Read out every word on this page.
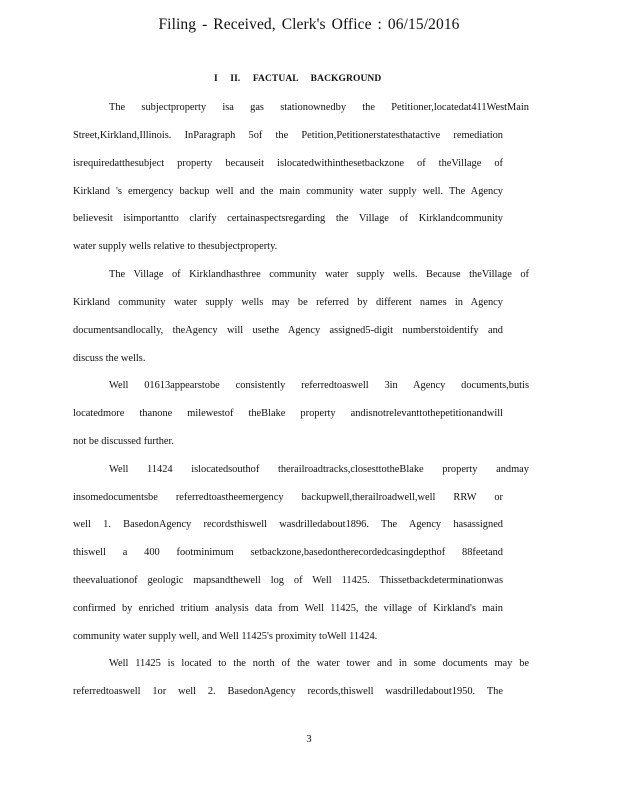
Filing - Received, Clerk's Office : 06/15/2016
I II. FACTUAL BACKGROUND
The subjectproperty isa gas stationownedby the Petitioner,locatedat411WestMain
Street,Kirkland,Illinois. InParagraph 5of the Petition,Petitionerstatesthatactive remediation
isrequiredatthesubject property becauseit islocatedwithinthesetbackzone of theVillage of
Kirkland 's emergency backup well and the main community water supply well. The Agency
believesit isimportantto clarify certainaspectsregarding the Village of Kirklandcommunity
water supply wells relative to thesubjectproperty.
The Village of Kirklandhasthree community water supply wells. Because theVillage of
Kirkland community water supply wells may be referred by different names in Agency
documentsandlocally, theAgency will usethe Agency assigned5-digit numberstoidentify and
discuss the wells.
Well 01613appearstobe consistently referredtoaswell 3in Agency documents,butis
locatedmore thanone milewestof theBlake property andisnotrelevanttothepetitionandwill
not be discussed further.
Well 11424 islocatedsouthof therailroadtracks,closesttotheBlake property andmay
insomedocumentsbe referredtoastheemergency backupwell,therailroadwell,well RRW or
well 1. BasedonAgency recordsthiswell wasdrilledabout1896. The Agency hasassigned
thiswell a 400 footminimum setbackzone,basedontherecordedcasingdepthof 88feetand
theevaluationof geologic mapsandthewell log of Well 11425. Thissetbackdeterminationwas
confirmed by enriched tritium analysis data from Well 11425, the village of Kirkland's main
community water supply well, and Well 11425's proximity toWell 11424.
Well 11425 is located to the north of the water tower and in some documents may be
referredtoaswell 1or well 2. BasedonAgency records,thiswell wasdrilledabout1950. The
3
